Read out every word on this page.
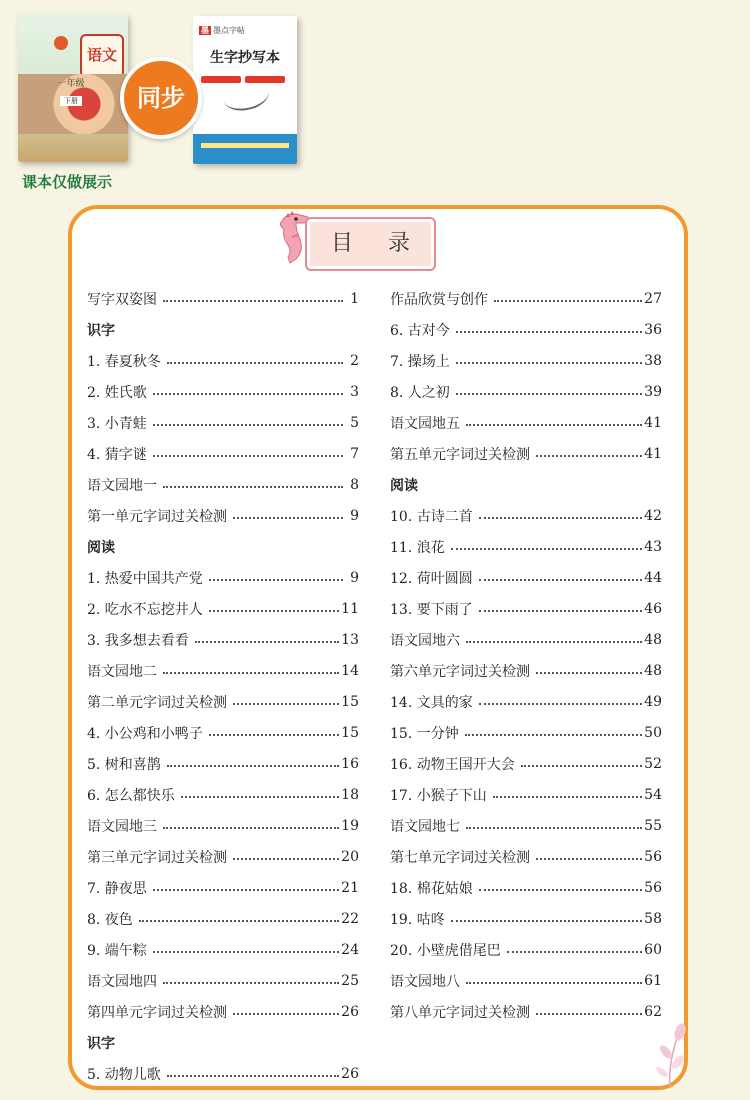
语文
一年级
下册
墨 墨点字帖
生字抄写本
同步
课本仅做展示
目 录
写字双姿图	1
识字
1. 春夏秋冬	2
2. 姓氏歌	3
3. 小青蛙	5
4. 猜字谜	7
语文园地一	8
第一单元字词过关检测	9
阅读
1. 热爱中国共产党	9
2. 吃水不忘挖井人	11
3. 我多想去看看	13
语文园地二	14
第二单元字词过关检测	15
4. 小公鸡和小鸭子	15
5. 树和喜鹊	16
6. 怎么都快乐	18
语文园地三	19
第三单元字词过关检测	20
7. 静夜思	21
8. 夜色	22
9. 端午粽	24
语文园地四	25
第四单元字词过关检测	26
识字
5. 动物儿歌	26
作品欣赏与创作	27
6. 古对今	36
7. 操场上	38
8. 人之初	39
语文园地五	41
第五单元字词过关检测	41
阅读
10. 古诗二首	42
11. 浪花	43
12. 荷叶圆圆	44
13. 要下雨了	46
语文园地六	48
第六单元字词过关检测	48
14. 文具的家	49
15. 一分钟	50
16. 动物王国开大会	52
17. 小猴子下山	54
语文园地七	55
第七单元字词过关检测	56
18. 棉花姑娘	56
19. 咕咚	58
20. 小壁虎借尾巴	60
语文园地八	61
第八单元字词过关检测	62
